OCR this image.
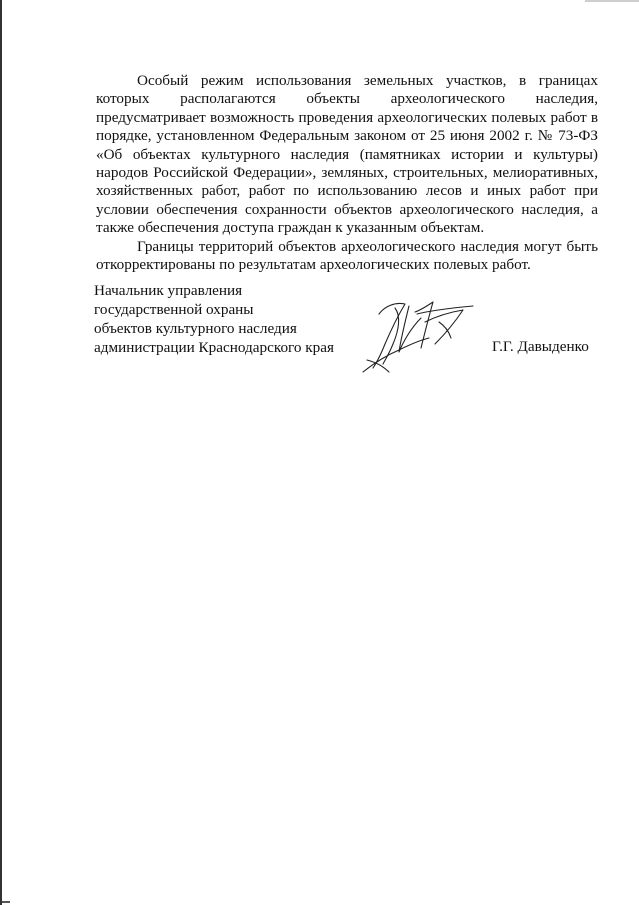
Особый режим использования земельных участков, в границах которых располагаются объекты археологического наследия, предусматривает возможность проведения археологических полевых работ в порядке, установленном Федеральным законом от 25 июня 2002 г. № 73-ФЗ «Об объектах культурного наследия (памятниках истории и культуры) народов Российской Федерации», земляных, строительных, мелиоративных, хозяйственных работ, работ по использованию лесов и иных работ при условии обеспечения сохранности объектов археологического наследия, а также обеспечения доступа граждан к указанным объектам.

Границы территорий объектов археологического наследия могут быть откорректированы по результатам археологических полевых работ.

Начальник управления
государственной охраны
объектов культурного наследия
администрации Краснодарского края	Г.Г. Давыденко
